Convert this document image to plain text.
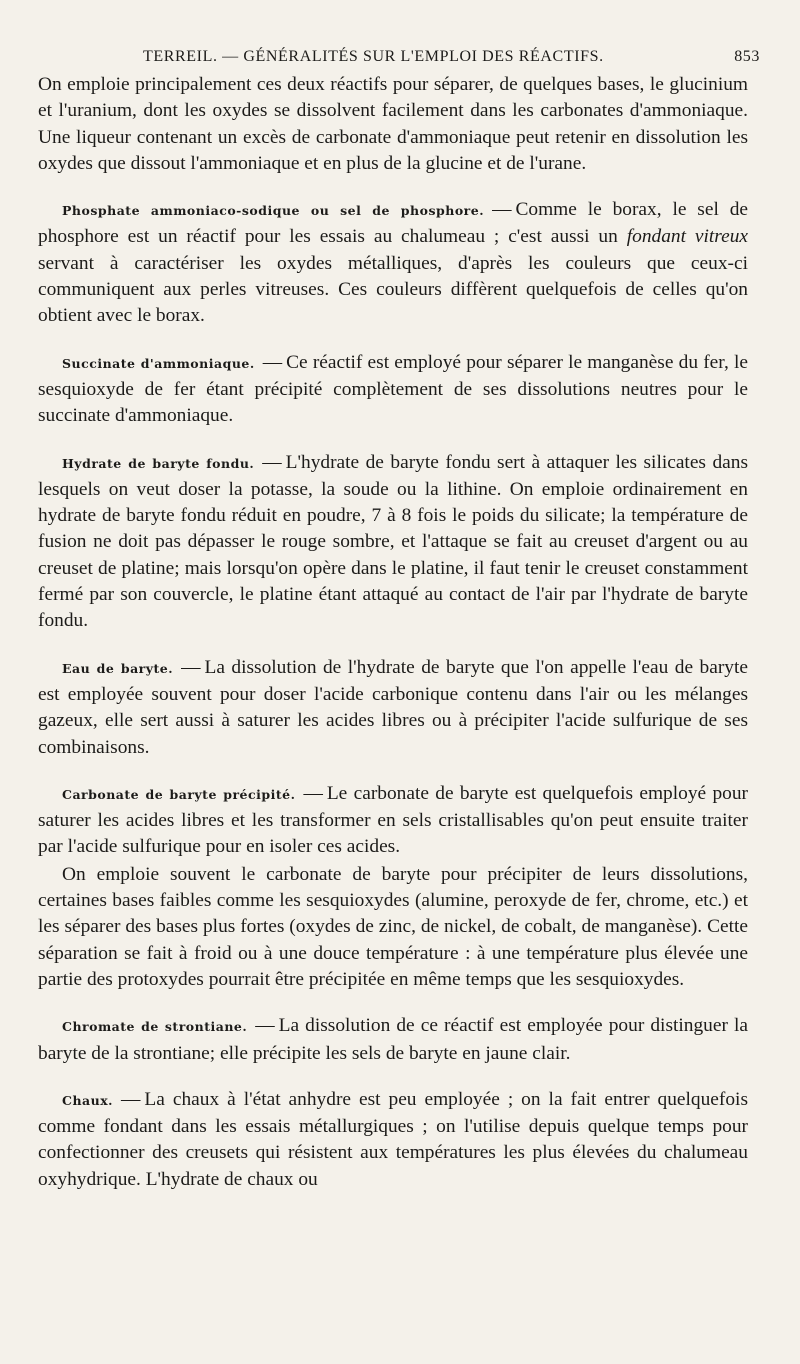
TERREIL. — GÉNÉRALITÉS SUR L'EMPLOI DES RÉACTIFS.	853

On emploie principalement ces deux réactifs pour séparer, de quelques bases, le glucinium et l'uranium, dont les oxydes se dissolvent facilement dans les carbonates d'ammoniaque. Une liqueur contenant un excès de carbonate d'ammoniaque peut retenir en dissolution les oxydes que dissout l'ammoniaque et en plus de la glucine et de l'urane.

Phosphate ammoniaco-sodique ou sel de phosphore. — Comme le borax, le sel de phosphore est un réactif pour les essais au chalumeau ; c'est aussi un fondant vitreux servant à caractériser les oxydes métalliques, d'après les couleurs que ceux-ci communiquent aux perles vitreuses. Ces couleurs diffèrent quelquefois de celles qu'on obtient avec le borax.

Succinate d'ammoniaque. — Ce réactif est employé pour séparer le manganèse du fer, le sesquioxyde de fer étant précipité complètement de ses dissolutions neutres pour le succinate d'ammoniaque.

Hydrate de baryte fondu. — L'hydrate de baryte fondu sert à attaquer les silicates dans lesquels on veut doser la potasse, la soude ou la lithine. On emploie ordinairement en hydrate de baryte fondu réduit en poudre, 7 à 8 fois le poids du silicate; la température de fusion ne doit pas dépasser le rouge sombre, et l'attaque se fait au creuset d'argent ou au creuset de platine; mais lorsqu'on opère dans le platine, il faut tenir le creuset constamment fermé par son couvercle, le platine étant attaqué au contact de l'air par l'hydrate de baryte fondu.

Eau de baryte. — La dissolution de l'hydrate de baryte que l'on appelle l'eau de baryte est employée souvent pour doser l'acide carbonique contenu dans l'air ou les mélanges gazeux, elle sert aussi à saturer les acides libres ou à précipiter l'acide sulfurique de ses combinaisons.

Carbonate de baryte précipité. — Le carbonate de baryte est quelquefois employé pour saturer les acides libres et les transformer en sels cristallisables qu'on peut ensuite traiter par l'acide sulfurique pour en isoler ces acides.

On emploie souvent le carbonate de baryte pour précipiter de leurs dissolutions, certaines bases faibles comme les sesquioxydes (alumine, peroxyde de fer, chrome, etc.) et les séparer des bases plus fortes (oxydes de zinc, de nickel, de cobalt, de manganèse). Cette séparation se fait à froid ou à une douce température : à une température plus élevée une partie des protoxydes pourrait être précipitée en même temps que les sesquioxydes.

Chromate de strontiane. — La dissolution de ce réactif est employée pour distinguer la baryte de la strontiane; elle précipite les sels de baryte en jaune clair.

Chaux. — La chaux à l'état anhydre est peu employée ; on la fait entrer quelquefois comme fondant dans les essais métallurgiques ; on l'utilise depuis quelque temps pour confectionner des creusets qui résistent aux températures les plus élevées du chalumeau oxyhydrique. L'hydrate de chaux ou
